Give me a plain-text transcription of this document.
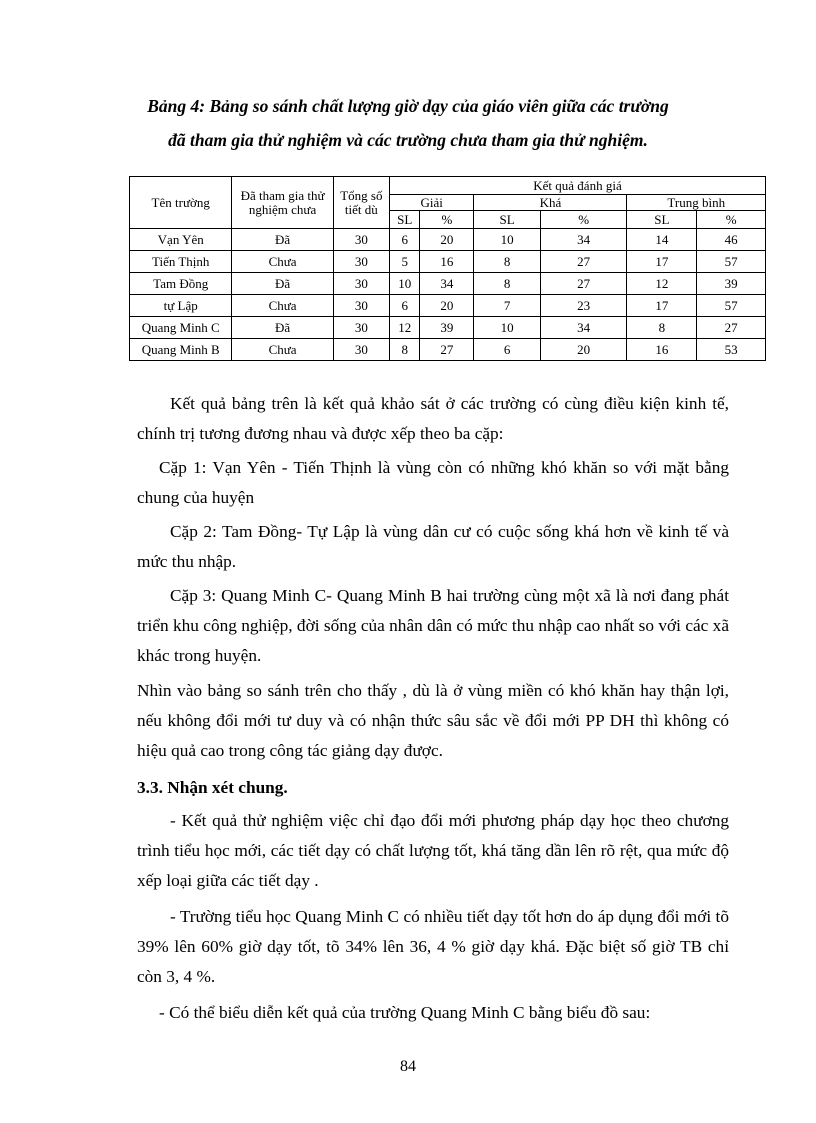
Bảng 4: Bảng so sánh chất lượng giờ dạy của giáo viên giữa các trường
đã tham gia thử nghiệm và các trường chưa tham gia thử nghiệm.
Tên trường	Đã tham gia thử nghiệm chưa	Tổng số tiết dù	Kết quả đánh giá					
			Giải		Khá		Trung bình	
			SL	%	SL	%	SL	%
Vạn Yên	Đã	30	6	20	10	34	14	46
Tiến Thịnh	Chưa	30	5	16	8	27	17	57
Tam Đồng	Đã	30	10	34	8	27	12	39
tự Lập	Chưa	30	6	20	7	23	17	57
Quang Minh C	Đã	30	12	39	10	34	8	27
Quang Minh B	Chưa	30	8	27	6	20	16	53
Kết quả bảng trên là kết quả khảo sát ở các trường có cùng điều kiện kinh tế, chính trị tương đương nhau và được xếp theo ba cặp:
Cặp 1: Vạn Yên - Tiến Thịnh là vùng còn có những khó khăn so với mặt bằng chung của huyện
Cặp 2: Tam Đồng- Tự Lập là vùng dân cư có cuộc sống khá hơn về kinh tế và mức thu nhập.
Cặp 3: Quang Minh C- Quang Minh B hai trường cùng một xã là nơi đang phát triển khu công nghiệp, đời sống của nhân dân có mức thu nhập cao nhất so với các xã khác trong huyện.
Nhìn vào bảng so sánh trên cho thấy , dù là ở vùng miền có khó khăn hay thận lợi, nếu không đổi mới tư duy và có nhận thức sâu sắc về đổi mới PP DH thì không có hiệu quả cao trong công tác giảng dạy được.
3.3. Nhận xét chung.
- Kết quả thử nghiệm việc chỉ đạo đổi mới phương pháp dạy học theo chương trình tiểu học mới, các tiết dạy có chất lượng tốt, khá tăng dần lên rõ rệt, qua mức độ xếp loại giữa các tiết dạy .
- Trường tiểu học Quang Minh C có nhiều tiết dạy tốt hơn do áp dụng đổi mới tõ 39% lên 60% giờ dạy tốt, tõ 34% lên 36, 4 % giờ dạy khá. Đặc biệt số giờ TB chỉ còn 3, 4 %.
- Có thể biểu diễn kết quả của trường Quang Minh C bằng biểu đồ sau:
84
